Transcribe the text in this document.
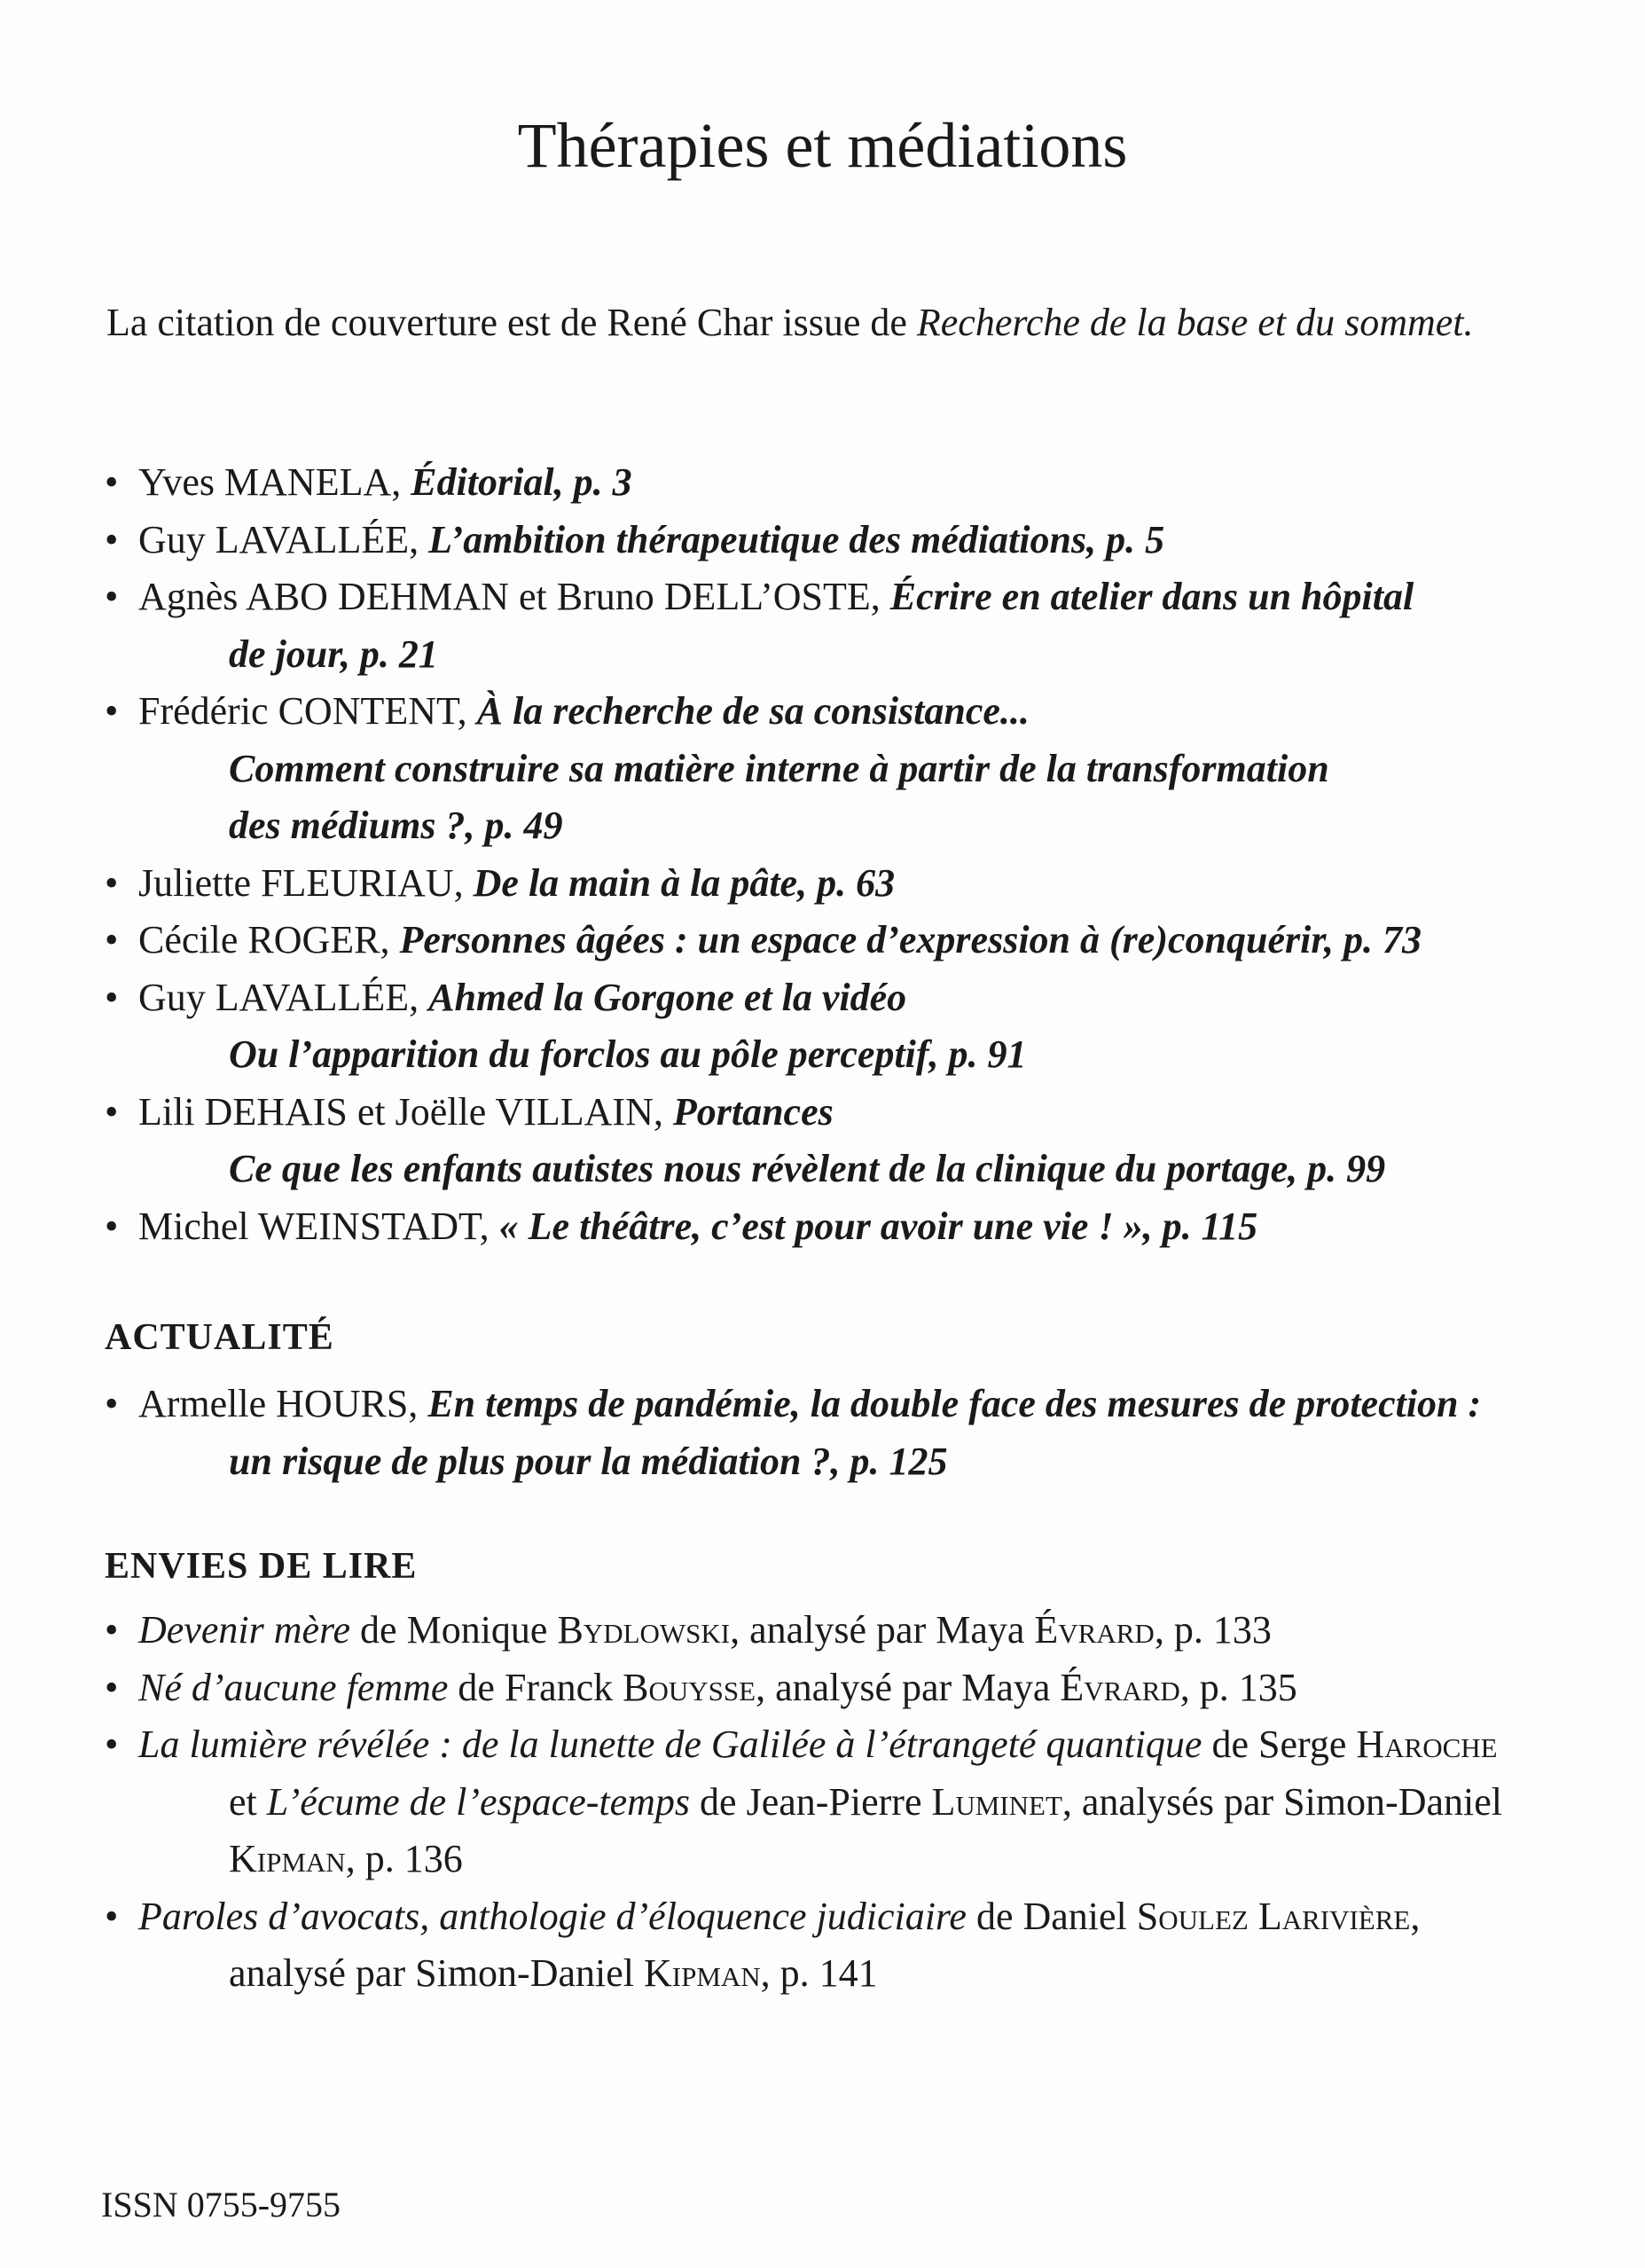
Thérapies et médiations
La citation de couverture est de René Char issue de Recherche de la base et du sommet.
• Yves MANELA, Éditorial, p. 3
• Guy LAVALLÉE, L’ambition thérapeutique des médiations, p. 5
• Agnès ABO DEHMAN et Bruno DELL’OSTE, Écrire en atelier dans un hôpital
de jour, p. 21
• Frédéric CONTENT, À la recherche de sa consistance...
Comment construire sa matière interne à partir de la transformation
des médiums ?, p. 49
• Juliette FLEURIAU, De la main à la pâte, p. 63
• Cécile ROGER, Personnes âgées : un espace d’expression à (re)conquérir, p. 73
• Guy LAVALLÉE, Ahmed la Gorgone et la vidéo
Ou l’apparition du forclos au pôle perceptif, p. 91
• Lili DEHAIS et Joëlle VILLAIN, Portances
Ce que les enfants autistes nous révèlent de la clinique du portage, p. 99
• Michel WEINSTADT, « Le théâtre, c’est pour avoir une vie ! », p. 115
ACTUALITÉ
• Armelle HOURS, En temps de pandémie, la double face des mesures de protection :
un risque de plus pour la médiation ?, p. 125
ENVIES DE LIRE
• Devenir mère de Monique Bydlowski, analysé par Maya Évrard, p. 133
• Né d’aucune femme de Franck Bouysse, analysé par Maya Évrard, p. 135
• La lumière révélée : de la lunette de Galilée à l’étrangeté quantique de Serge Haroche
et L’écume de l’espace-temps de Jean-Pierre Luminet, analysés par Simon-Daniel
Kipman, p. 136
• Paroles d’avocats, anthologie d’éloquence judiciaire de Daniel Soulez Larivière,
analysé par Simon-Daniel Kipman, p. 141
ISSN 0755-9755
